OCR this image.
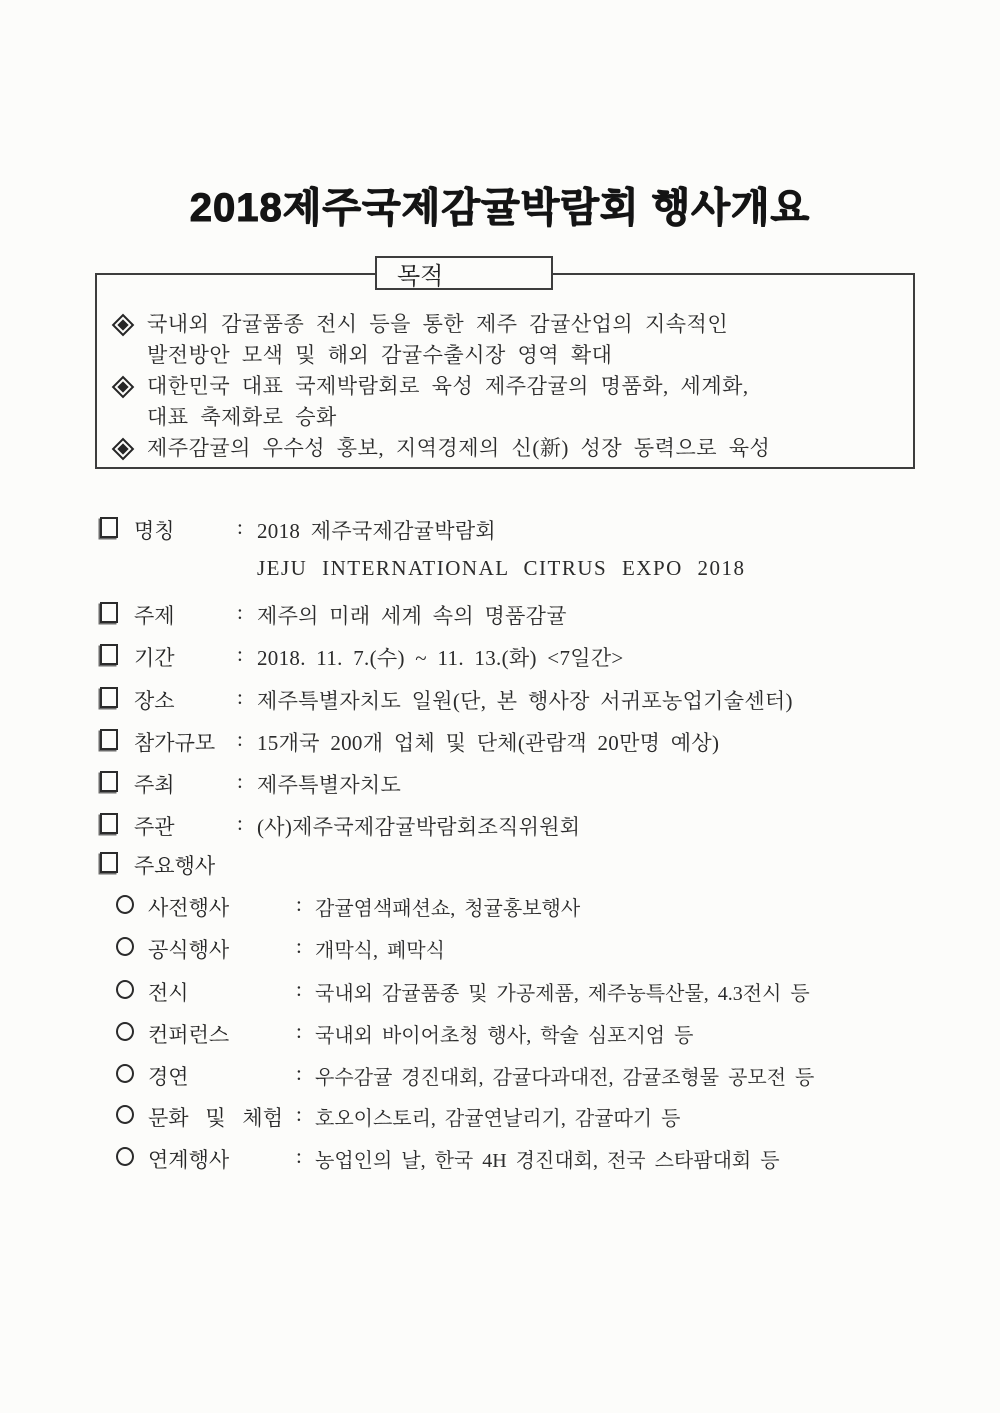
2018제주국제감귤박람회 행사개요
목적
국내외 감귤품종 전시 등을 통한 제주 감귤산업의 지속적인
발전방안 모색 및 해외 감귤수출시장 영역 확대
대한민국 대표 국제박람회로 육성 제주감귤의 명품화, 세계화,
대표 축제화로 승화
제주감귤의 우수성 홍보, 지역경제의 신(新) 성장 동력으로 육성
명칭	: 2018 제주국제감귤박람회
JEJU INTERNATIONAL CITRUS EXPO 2018
주제	: 제주의 미래 세계 속의 명품감귤
기간	: 2018. 11. 7.(수) ~ 11. 13.(화) <7일간>
장소	: 제주특별자치도 일원(단, 본 행사장 서귀포농업기술센터)
참가규모	: 15개국 200개 업체 및 단체(관람객 20만명 예상)
주최	: 제주특별자치도
주관	: (사)제주국제감귤박람회조직위원회
주요행사
사전행사	: 감귤염색패션쇼, 청귤홍보행사
공식행사	: 개막식, 폐막식
전시	: 국내외 감귤품종 및 가공제품, 제주농특산물, 4.3전시 등
컨퍼런스	: 국내외 바이어초청 행사, 학술 심포지엄 등
경연	: 우수감귤 경진대회, 감귤다과대전, 감귤조형물 공모전 등
문화 및 체험 : 호오이스토리, 감귤연날리기, 감귤따기 등
연계행사	: 농업인의 날, 한국 4H 경진대회, 전국 스타팜대회 등
